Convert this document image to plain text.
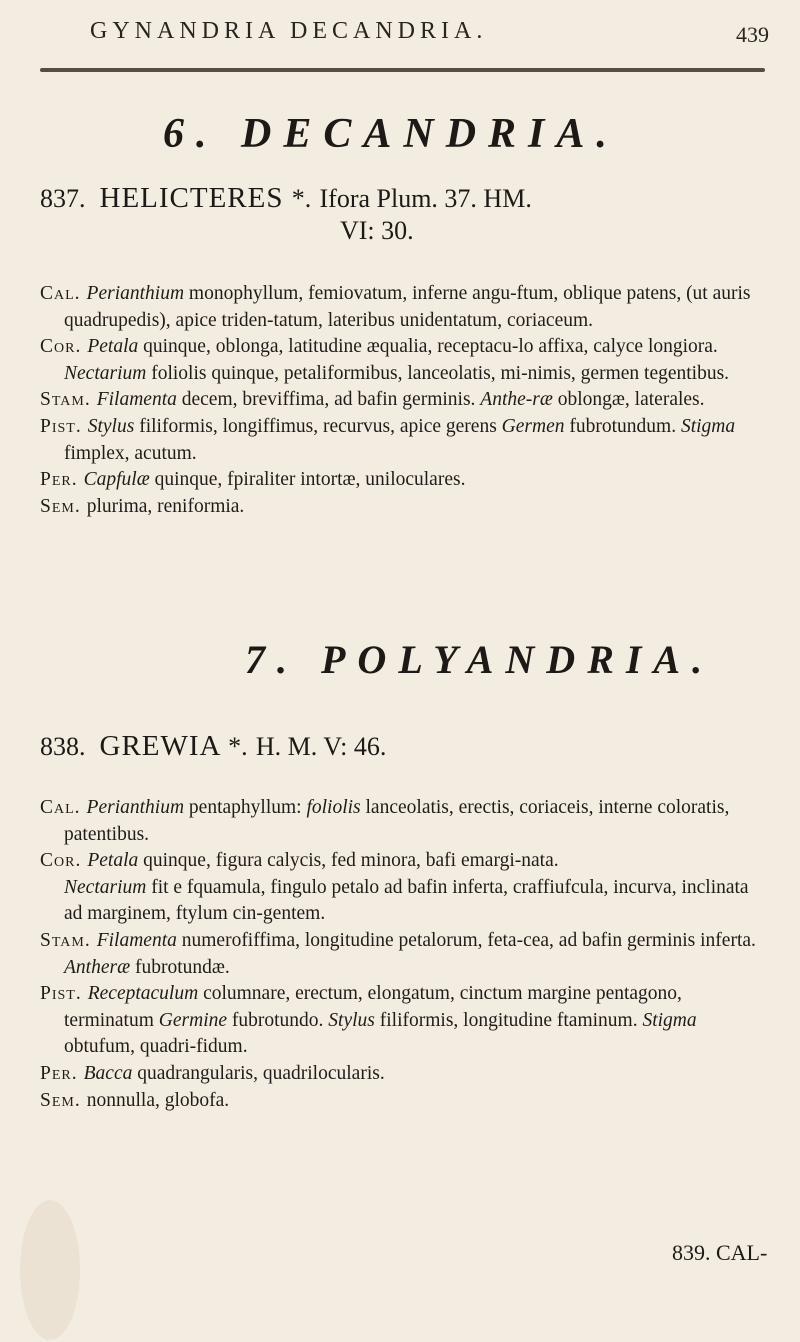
GYNANDRIA DECANDRIA.	439
6. DECANDRIA.
837. HELICTERES *. Ifora Plum. 37. HM.
VI: 30.

Cal. Perianthium monophyllum, femiovatum, inferne angu-ftum, oblique patens, (ut auris quadrupedis), apice triden-tatum, lateribus unidentatum, coriaceum.

Cor. Petala quinque, oblonga, latitudine æqualia, receptacu-lo affixa, calyce longiora.

Nectarium foliolis quinque, petaliformibus, lanceolatis, mi-nimis, germen tegentibus.

Stam. Filamenta decem, breviffima, ad bafin germinis. Anthe-ræ oblongæ, laterales.

Pist. Stylus filiformis, longiffimus, recurvus, apice gerens Germen fubrotundum. Stigma fimplex, acutum.

Per. Capfulæ quinque, fpiraliter intortæ, uniloculares.

Sem. plurima, reniformia.

7. POLYANDRIA.
838. GREWIA *. H. M. V: 46.

Cal. Perianthium pentaphyllum: foliolis lanceolatis, erectis, coriaceis, interne coloratis, patentibus.

Cor. Petala quinque, figura calycis, fed minora, bafi emargi-nata.

Nectarium fit e fquamula, fingulo petalo ad bafin inferta, craffiufcula, incurva, inclinata ad marginem, ftylum cin-gentem.

Stam. Filamenta numerofiffima, longitudine petalorum, feta-cea, ad bafin germinis inferta. Antheræ fubrotundæ.

Pist. Receptaculum columnare, erectum, elongatum, cinctum margine pentagono, terminatum Germine fubrotundo. Stylus filiformis, longitudine ftaminum. Stigma obtufum, quadri-fidum.

Per. Bacca quadrangularis, quadrilocularis.

Sem. nonnulla, globofa.

839. CAL-
